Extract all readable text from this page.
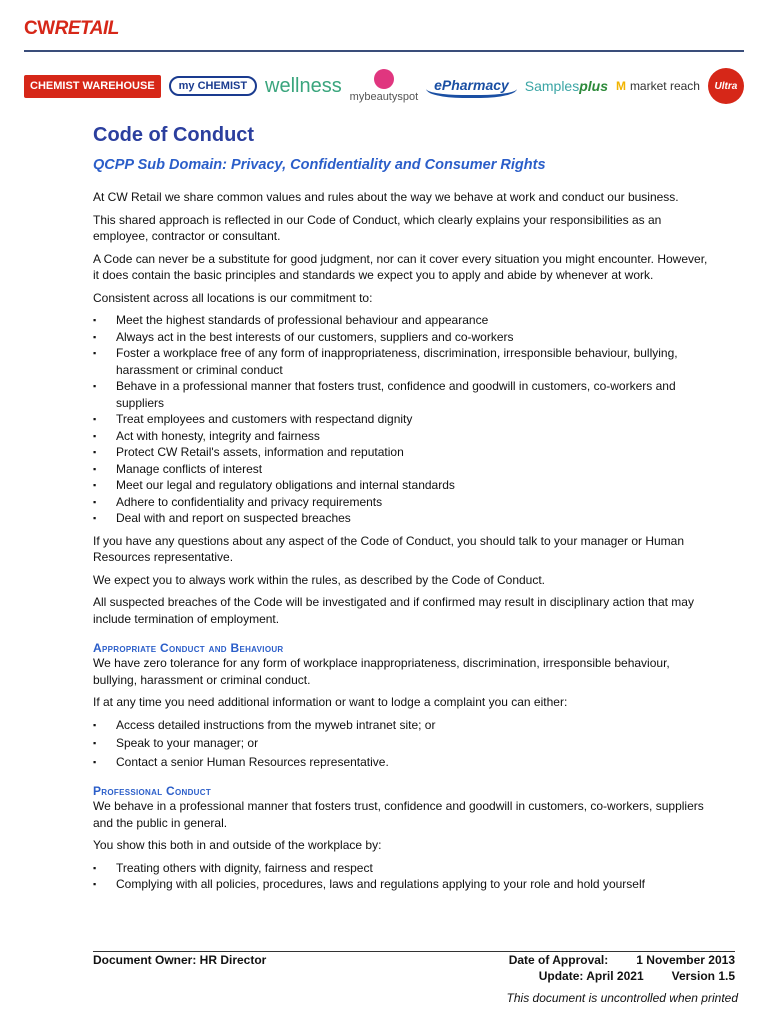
CWRETAIL
CHEMIST WAREHOUSE	my CHEMIST wellness
mybeautyspot
ePharmacy	Samplesplus M market reach Ultra
Code of Conduct
QCPP Sub Domain: Privacy, Confidentiality and Consumer Rights

At CW Retail we share common values and rules about the way we behave at work and conduct our business.

This shared approach is reflected in our Code of Conduct, which clearly explains your responsibilities as an employee, contractor or consultant.

A Code can never be a substitute for good judgment, nor can it cover every situation you might encounter. However, it does contain the basic principles and standards we expect you to apply and abide by whenever at work.

Consistent across all locations is our commitment to:

▪ Meet the highest standards of professional behaviour and appearance
▪ Always act in the best interests of our customers, suppliers and co-workers
▪ Foster a workplace free of any form of inappropriateness, discrimination, irresponsible behaviour, bullying, harassment or criminal conduct
▪ Behave in a professional manner that fosters trust, confidence and goodwill in customers, co-workers and suppliers
▪ Treat employees and customers with respectand dignity
▪ Act with honesty, integrity and fairness
▪ Protect CW Retail's assets, information and reputation
▪ Manage conflicts of interest
▪ Meet our legal and regulatory obligations and internal standards
▪ Adhere to confidentiality and privacy requirements
▪ Deal with and report on suspected breaches

If you have any questions about any aspect of the Code of Conduct, you should talk to your manager or Human Resources representative.

We expect you to always work within the rules, as described by the Code of Conduct.

All suspected breaches of the Code will be investigated and if confirmed may result in disciplinary action that may include termination of employment.

Appropriate Conduct and Behaviour

We have zero tolerance for any form of workplace inappropriateness, discrimination, irresponsible behaviour, bullying, harassment or criminal conduct.

If at any time you need additional information or want to lodge a complaint you can either:

▪ Access detailed instructions from the myweb intranet site; or
▪ Speak to your manager; or
▪ Contact a senior Human Resources representative.
Professional Conduct

We behave in a professional manner that fosters trust, confidence and goodwill in customers, co-workers, suppliers and the public in general.

You show this both in and outside of the workplace by:

▪ Treating others with dignity, fairness and respect
▪ Complying with all policies, procedures, laws and regulations applying to your role and hold yourself
Document Owner: HR Director	Date of Approval: 1 November 2013
Update: April 2021 Version 1.5
This document is uncontrolled when printed
